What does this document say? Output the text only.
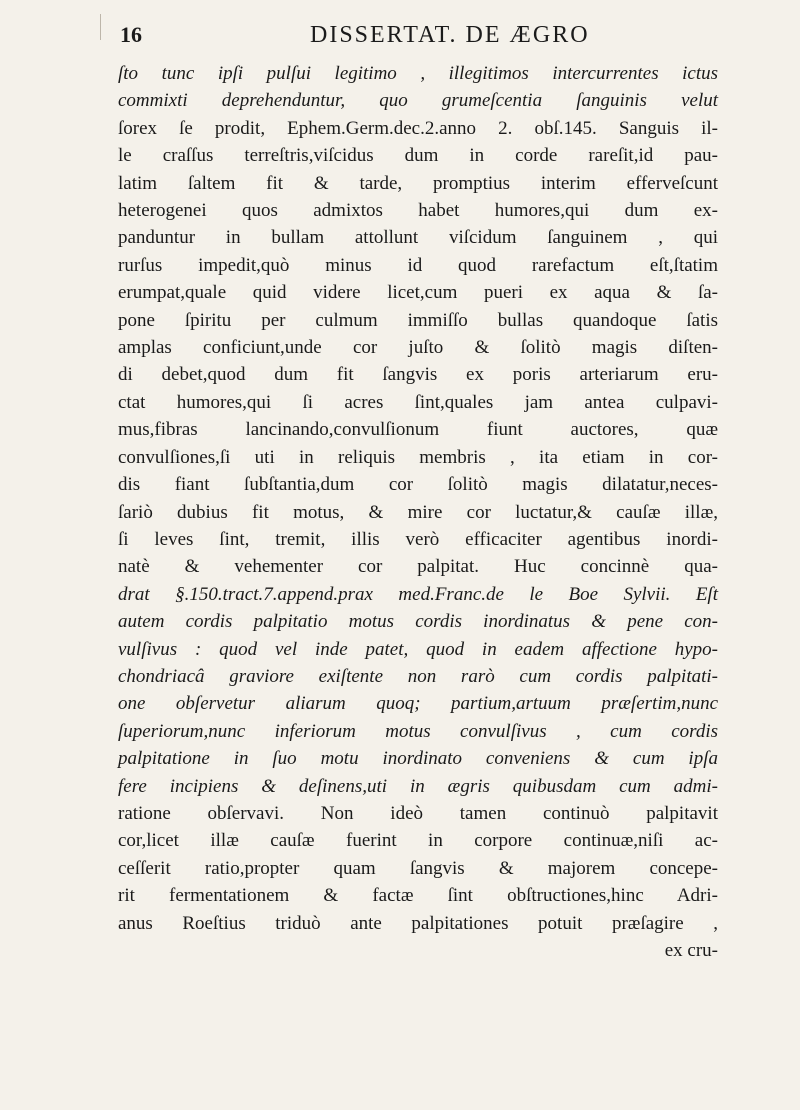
16	DISSERTAT. DE ÆGRO
ſto tunc ipſi pulſui legitimo , illegitimos intercurrentes ictus
commixti deprehenduntur, quo grumeſcentia ſanguinis velut
ſorex ſe prodit, Ephem.Germ.dec.2.anno 2. obſ.145. Sanguis il-
le craſſus terreſtris,viſcidus dum in corde rareſit,id pau-
latim ſaltem fit & tarde, promptius interim efferveſcunt
heterogenei quos admixtos habet humores,qui dum ex-
panduntur in bullam attollunt viſcidum ſanguinem , qui
rurſus impedit,quò minus id quod rarefactum eſt,ſtatim
erumpat,quale quid videre licet,cum pueri ex aqua & ſa-
pone ſpiritu per culmum immiſſo bullas quandoque ſatis
amplas conficiunt,unde cor juſto & ſolitò magis diſten-
di debet,quod dum fit ſangvis ex poris arteriarum eru-
ctat humores,qui ſi acres ſint,quales jam antea culpavi-
mus,fibras lancinando,convulſionum fiunt auctores, quæ
convulſiones,ſi uti in reliquis membris , ita etiam in cor-
dis fiant ſubſtantia,dum cor ſolitò magis dilatatur,neces-
ſariò dubius fit motus, & mire cor luctatur,& cauſæ illæ,
ſi leves ſint, tremit, illis verò efficaciter agentibus inordi-
natè & vehementer cor palpitat. Huc concinnè qua-
drat §.150.tract.7.append.prax med.Franc.de le Boe Sylvii. Eſt
autem cordis palpitatio motus cordis inordinatus & pene con-
vulſivus : quod vel inde patet, quod in eadem affectione hypo-
chondriacâ graviore exiſtente non rarò cum cordis palpitati-
one obſervetur aliarum quoq; partium,artuum præſertim,nunc
ſuperiorum,nunc inferiorum motus convulſivus , cum cordis
palpitatione in ſuo motu inordinato conveniens & cum ipſa
fere incipiens & deſinens,uti in ægris quibusdam cum admi-
ratione obſervavi. Non ideò tamen continuò palpitavit
cor,licet illæ cauſæ fuerint in corpore continuæ,niſi ac-
ceſſerit ratio,propter quam ſangvis & majorem concepe-
rit fermentationem & factæ ſint obſtructiones,hinc Adri-
anus Roeſtius triduò ante palpitationes potuit præſagire ,
ex cru-
